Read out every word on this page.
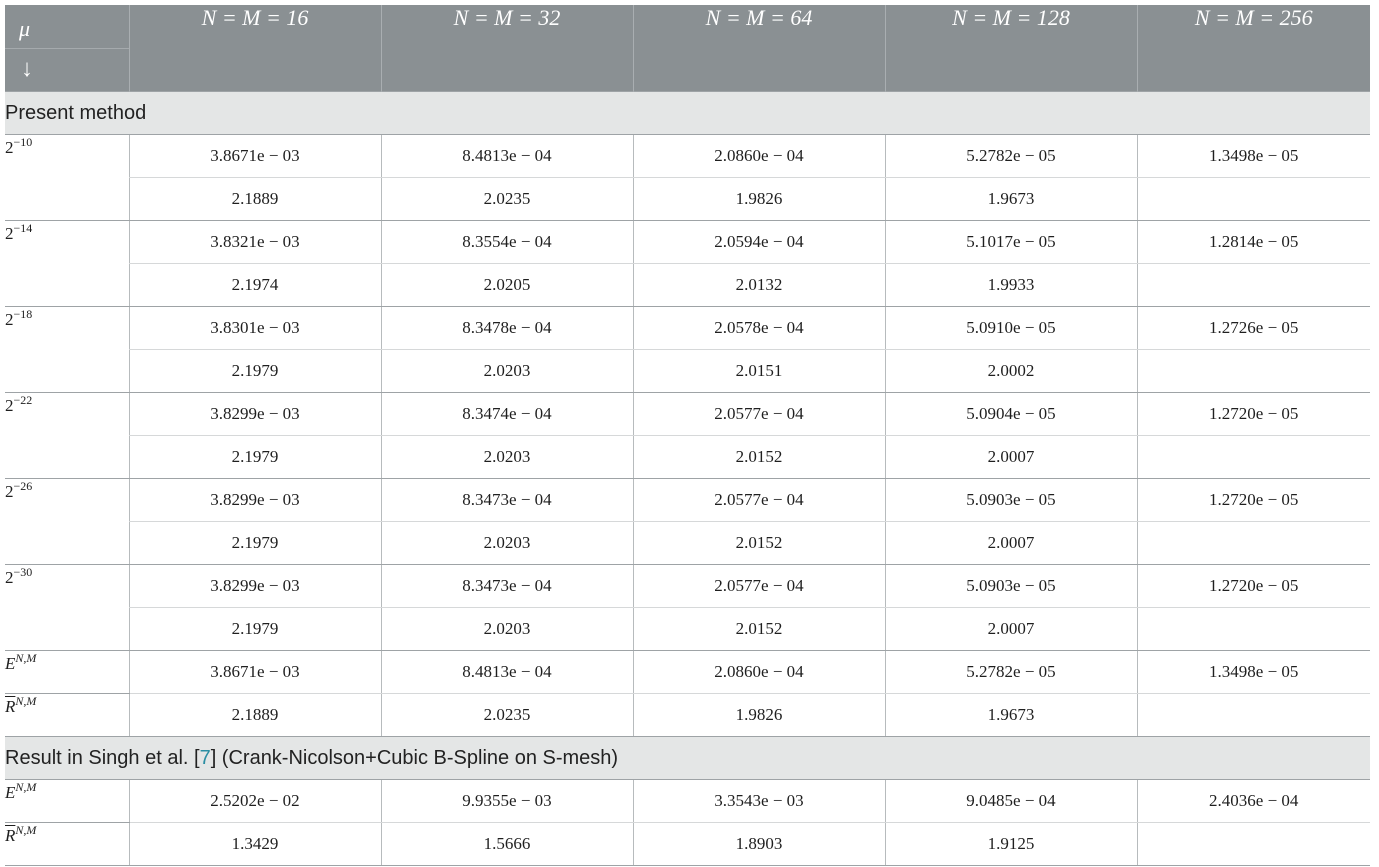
μ
↓	N = M = 16	N = M = 32	N = M = 64	N = M = 128	N = M = 256
Present method					
$2^{-10}$	3.8671e − 03	8.4813e − 04	2.0860e − 04	5.2782e − 05	1.3498e − 05
	2.1889	2.0235	1.9826	1.9673	
$2^{-14}$	3.8321e − 03	8.3554e − 04	2.0594e − 04	5.1017e − 05	1.2814e − 05
	2.1974	2.0205	2.0132	1.9933	
$2^{-18}$	3.8301e − 03	8.3478e − 04	2.0578e − 04	5.0910e − 05	1.2726e − 05
	2.1979	2.0203	2.0151	2.0002	
$2^{-22}$	3.8299e − 03	8.3474e − 04	2.0577e − 04	5.0904e − 05	1.2720e − 05
	2.1979	2.0203	2.0152	2.0007	
$2^{-26}$	3.8299e − 03	8.3473e − 04	2.0577e − 04	5.0903e − 05	1.2720e − 05
	2.1979	2.0203	2.0152	2.0007	
$2^{-30}$	3.8299e − 03	8.3473e − 04	2.0577e − 04	5.0903e − 05	1.2720e − 05
	2.1979	2.0203	2.0152	2.0007	
$E^{N,M}$	3.8671e − 03	8.4813e − 04	2.0860e − 04	5.2782e − 05	1.3498e − 05
$\overline{R}^{N,M}$	2.1889	2.0235	1.9826	1.9673	
Result in Singh et al. [7] (Crank-Nicolson+Cubic B-Spline on S-mesh)					
$E^{N,M}$	2.5202e − 02	9.9355e − 03	3.3543e − 03	9.0485e − 04	2.4036e − 04
$\overline{R}^{N,M}$	1.3429	1.5666	1.8903	1.9125	
